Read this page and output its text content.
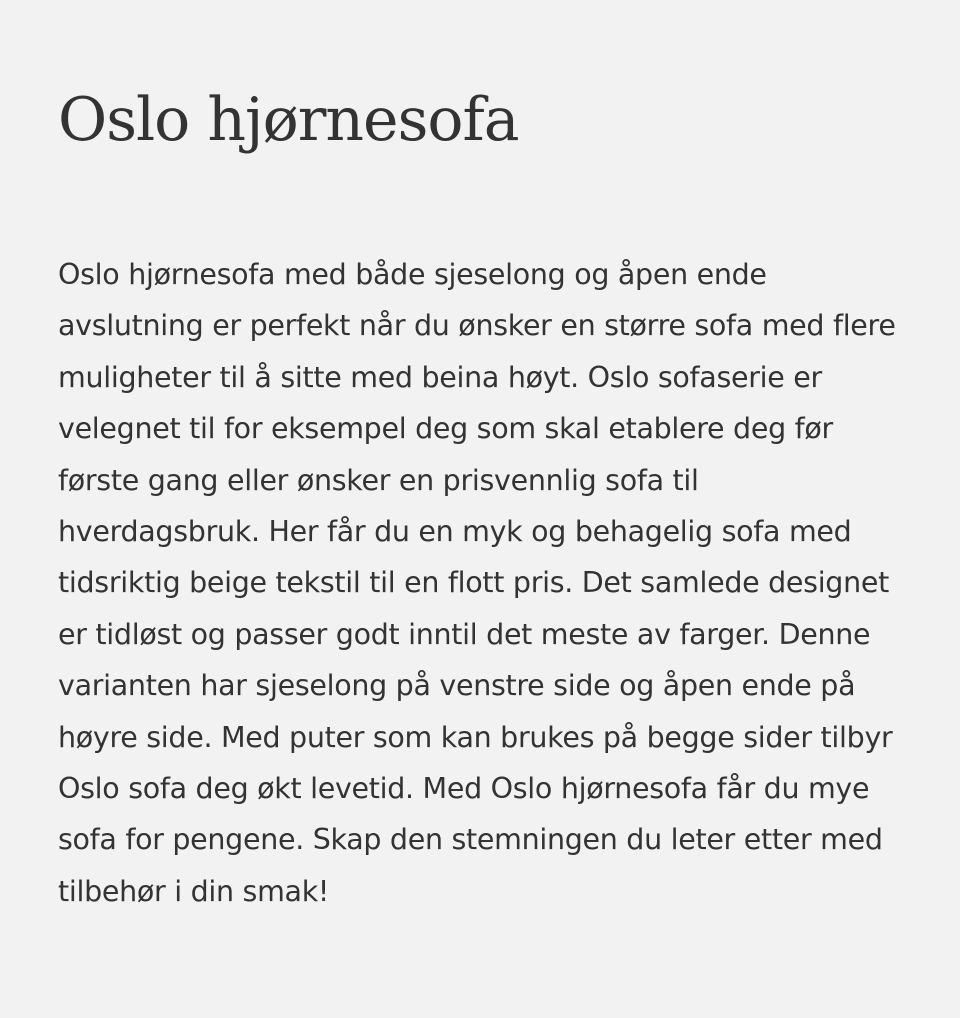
Oslo hjørnesofa

Oslo hjørnesofa med både sjeselong og åpen ende avslutning er perfekt når du ønsker en større sofa med flere muligheter til å sitte med beina høyt. Oslo sofaserie er velegnet til for eksempel deg som skal etablere deg før første gang eller ønsker en prisvennlig sofa til hverdagsbruk. Her får du en myk og behagelig sofa med tidsriktig beige tekstil til en flott pris. Det samlede designet er tidløst og passer godt inntil det meste av farger. Denne varianten har sjeselong på venstre side og åpen ende på høyre side. Med puter som kan brukes på begge sider tilbyr Oslo sofa deg økt levetid. Med Oslo hjørnesofa får du mye sofa for pengene. Skap den stemningen du leter etter med tilbehør i din smak!
